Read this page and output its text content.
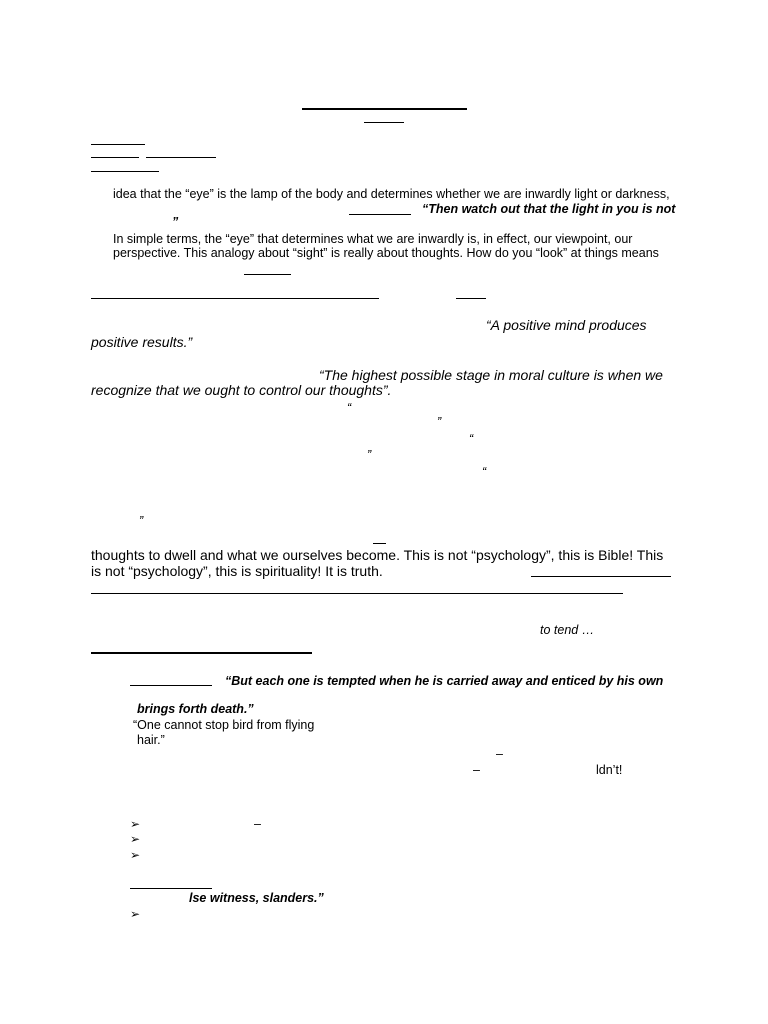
idea that the “eye” is the lamp of the body and determines whether we are inwardly light or darkness,
“Then watch out that the light in you is not
”
In simple terms, the “eye” that determines what we are inwardly is, in effect, our viewpoint, our
perspective. This analogy about “sight” is really about thoughts. How do you “look” at things means
“A positive mind produces
positive results.”
“The highest possible stage in moral culture is when we
recognize that we ought to control our thoughts”.
“
”
“
”
“
”
thoughts to dwell and what we ourselves become. This is not “psychology”, this is Bible! This
is not “psychology”, this is spirituality! It is truth.
to tend …
“But each one is tempted when he is carried away and enticed by his own
brings forth death.”
“One cannot stop bird from flying
hair.”
–
–	ldn’t!
➢	–
➢
➢
lse witness, slanders.”
➢
